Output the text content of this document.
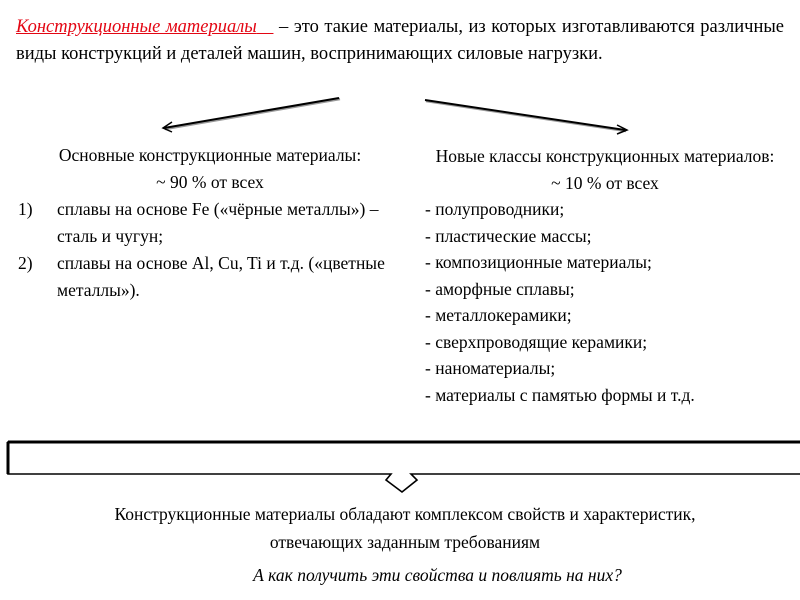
Конструкционные материалы – это такие материалы, из которых изготавливаются различные виды конструкций и деталей машин, воспринимающих силовые нагрузки.
Основные конструкционные материалы:
~ 90 % от всех
1)	сплавы на основе Fe («чёрные металлы») – сталь и чугун;
2)	сплавы на основе Al, Cu, Ti и т.д. («цветные металлы»).
Новые классы конструкционных материалов:
~ 10 % от всех
- полупроводники;
- пластические массы;
- композиционные материалы;
- аморфные сплавы;
- металлокерамики;
- сверхпроводящие керамики;
- наноматериалы;
- материалы с памятью формы и т.д.
Конструкционные материалы обладают комплексом свойств и характеристик,
отвечающих заданным требованиям
А как получить эти свойства и повлиять на них?
